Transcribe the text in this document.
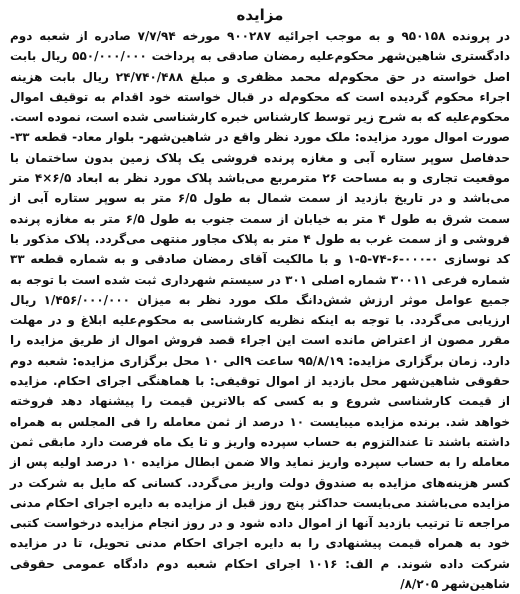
مزایده

در پرونده ۹۵۰۱۵۸ و به موجب اجرائیه ۹۰۰۲۸۷ مورخه ۷/۷/۹۴ صادره از شعبه دوم دادگستری شاهین‌شهر محکوم‌علیه رمضان صادقی به پرداخت ۵۵۰/۰۰۰/۰۰۰ ریال بابت اصل خواسته در حق محکوم‌له محمد مظفری و مبلغ ۲۴/۷۴۰/۴۸۸ ریال بابت هزینه اجراء محکوم گردیده است که محکوم‌له در قبال خواسته خود اقدام به توقیف اموال محکوم‌علیه که به شرح زیر توسط کارشناس خبره کارشناسی شده است، نموده است. صورت اموال مورد مزایده: ملک مورد نظر واقع در شاهین‌شهر- بلوار معاد- قطعه ۳۳- حدفاصل سوپر ستاره آبی و مغازه پرنده فروشی یک پلاک زمین بدون ساختمان با موقعیت تجاری و به مساحت ۲۶ مترمربع می‌باشد پلاک مورد نظر به ابعاد ۶/۵×۴ متر می‌باشد و در تاریخ بازدید از سمت شمال به طول ۶/۵ متر به سوپر ستاره آبی از سمت شرق به طول ۴ متر به خیابان از سمت جنوب به طول ۶/۵ متر به مغازه پرنده فروشی و از سمت غرب به طول ۴ متر به پلاک مجاور منتهی می‌گردد. پلاک مذکور با کد نوسازی ۰-۰۰۰-۶-۷۴-۵-۱ و با مالکیت آقای رمضان صادقی و به شماره قطعه ۳۳ شماره فرعی ۳۰۰۱۱ شماره اصلی ۳۰۱ در سیستم شهرداری ثبت شده است با توجه به جمیع عوامل موثر ارزش شش‌دانگ ملک مورد نظر به میزان ۱/۴۵۶/۰۰۰/۰۰۰ ریال ارزیابی می‌گردد. با توجه به اینکه نظریه کارشناسی به محکوم‌علیه ابلاغ و در مهلت مقرر مصون از اعتراض مانده است این اجراء قصد فروش اموال از طریق مزایده را دارد. زمان برگزاری مزایده: ۹۵/۸/۱۹ ساعت ۹الی ۱۰ محل برگزاری مزایده: شعبه دوم حقوقی شاهین‌شهر محل بازدید از اموال توقیفی: با هماهنگی اجرای احکام. مزایده از قیمت کارشناسی شروع و به کسی که بالاترین قیمت را پیشنهاد دهد فروخته خواهد شد. برنده مزایده میبایست ۱۰ درصد از ثمن معامله را فی المجلس به همراه داشته باشند تا عندالتزوم به حساب سپرده واریز و تا یک ماه فرصت دارد مابقی ثمن معامله را به حساب سپرده واریز نماید والا ضمن ابطال مزایده ۱۰ درصد اولیه پس از کسر هزینه‌های مزایده به صندوق دولت واریز می‌گردد. کسانی که مایل به شرکت در مزایده می‌باشند می‌بایست حداکثر پنج روز قبل از مزایده به دایره اجرای احکام مدنی مراجعه تا ترتیب بازدید آنها از اموال داده شود و در روز انجام مزایده درخواست کتبی خود به همراه قیمت پیشنهادی را به دایره اجرای احکام مدنی تحویل، تا در مزایده شرکت داده شوند. م الف: ۱۰۱۶ اجرای احکام شعبه دوم دادگاه عمومی حقوقی شاهین‌شهر ۸/۲۰۵/
